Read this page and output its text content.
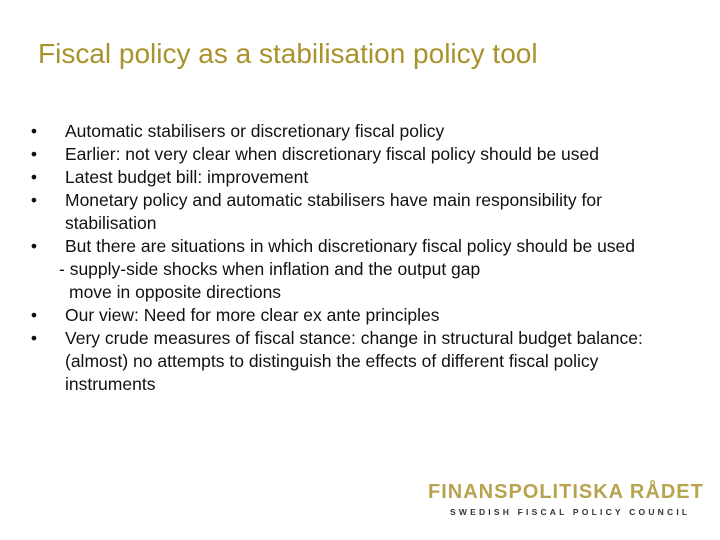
Fiscal policy as a stabilisation policy tool
• Automatic stabilisers or discretionary fiscal policy
• Earlier: not very clear when discretionary fiscal policy should be used
• Latest budget bill: improvement
• Monetary policy and automatic stabilisers have main responsibility for stabilisation
• But there are situations in which discretionary fiscal policy should be used
- supply-side shocks when inflation and the output gap
move in opposite directions
• Our view: Need for more clear ex ante principles
• Very crude measures of fiscal stance: change in structural budget balance: (almost) no attempts to distinguish the effects of different fiscal policy instruments
FINANSPOLITISKA RÅDET
SWEDISH FISCAL POLICY COUNCIL
